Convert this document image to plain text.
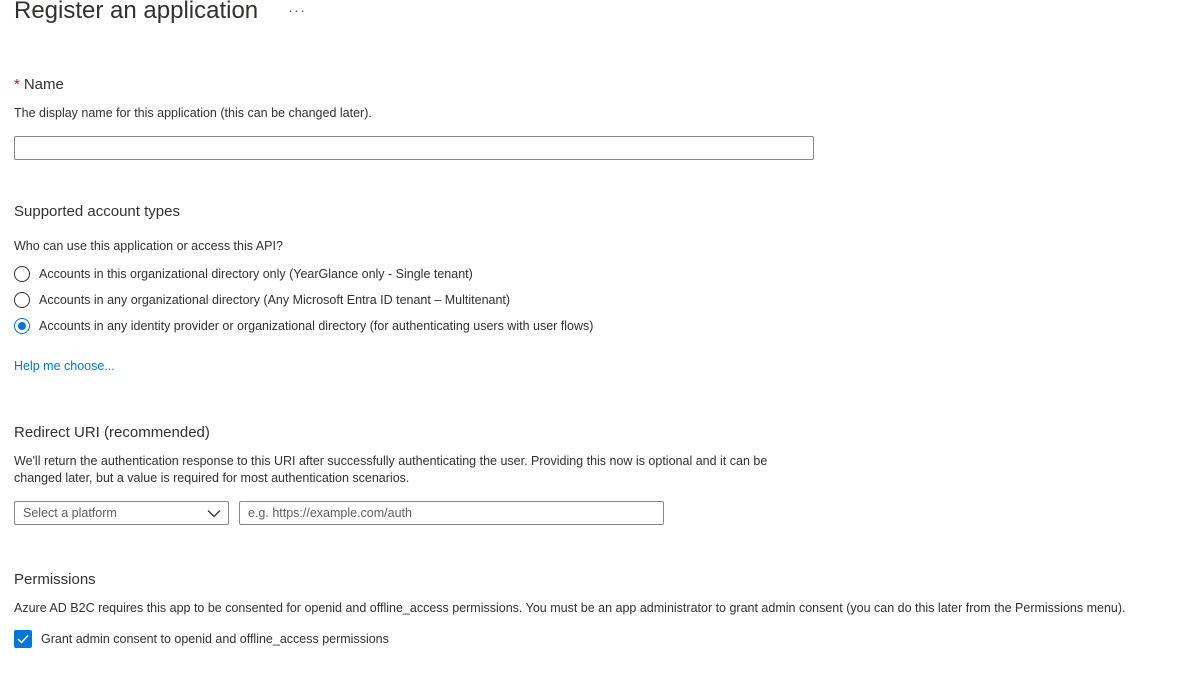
Register an application ···
* Name
The display name for this application (this can be changed later).
Supported account types
Who can use this application or access this API?
Accounts in this organizational directory only (YearGlance only - Single tenant)
Accounts in any organizational directory (Any Microsoft Entra ID tenant – Multitenant)
Accounts in any identity provider or organizational directory (for authenticating users with user flows)
Help me choose...
Redirect URI (recommended)
We'll return the authentication response to this URI after successfully authenticating the user. Providing this now is optional and it can be
changed later, but a value is required for most authentication scenarios.
Select a platform
e.g. https://example.com/auth
Permissions
Azure AD B2C requires this app to be consented for openid and offline_access permissions. You must be an app administrator to grant admin consent (you can do this later from the Permissions menu).
Grant admin consent to openid and offline_access permissions
